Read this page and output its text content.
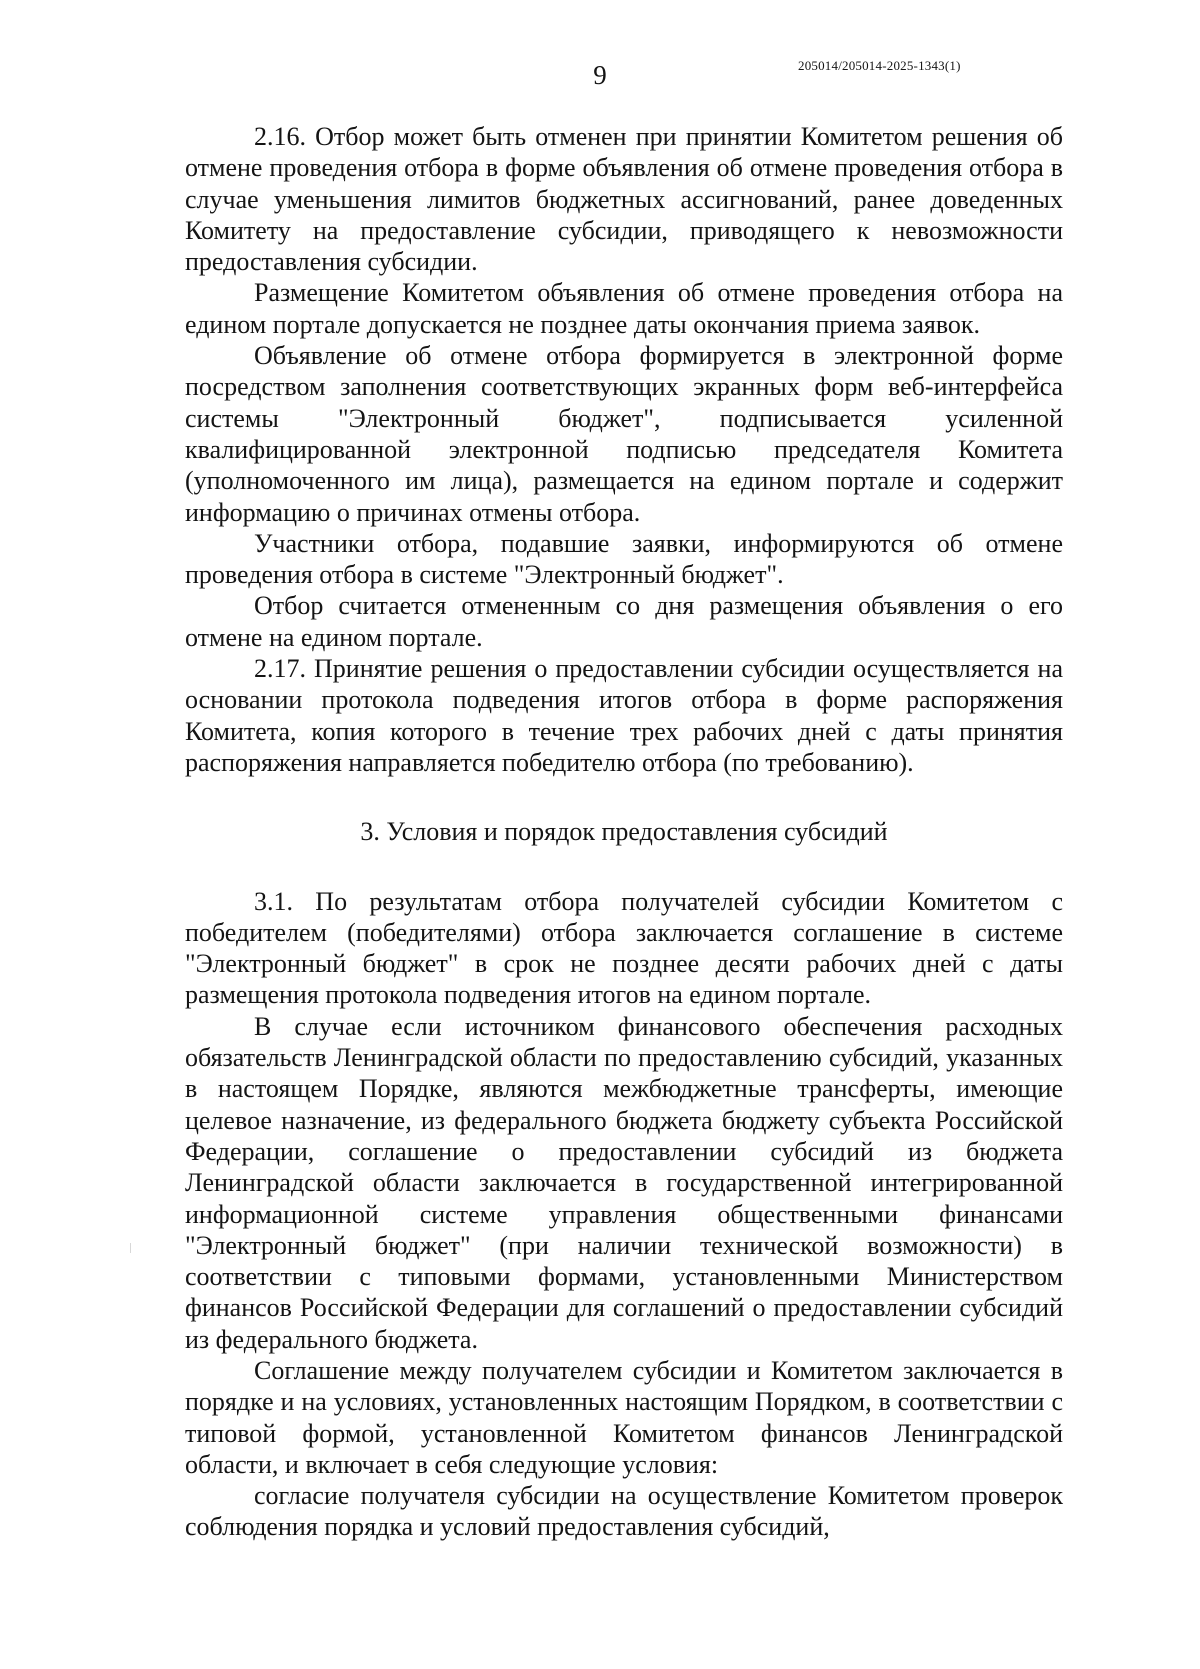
9	205014/205014-2025-1343(1)

2.16. Отбор может быть отменен при принятии Комитетом решения об отмене проведения отбора в форме объявления об отмене проведения отбора в случае уменьшения лимитов бюджетных ассигнований, ранее доведенных Комитету на предоставление субсидии, приводящего к невозможности предоставления субсидии.

Размещение Комитетом объявления об отмене проведения отбора на едином портале допускается не позднее даты окончания приема заявок.

Объявление об отмене отбора формируется в электронной форме посредством заполнения соответствующих экранных форм веб-интерфейса системы "Электронный бюджет", подписывается усиленной квалифицированной электронной подписью председателя Комитета (уполномоченного им лица), размещается на едином портале и содержит информацию о причинах отмены отбора.

Участники отбора, подавшие заявки, информируются об отмене проведения отбора в системе "Электронный бюджет".

Отбор считается отмененным со дня размещения объявления о его отмене на едином портале.

2.17. Принятие решения о предоставлении субсидии осуществляется на основании протокола подведения итогов отбора в форме распоряжения Комитета, копия которого в течение трех рабочих дней с даты принятия распоряжения направляется победителю отбора (по требованию).

3. Условия и порядок предоставления субсидий

3.1. По результатам отбора получателей субсидии Комитетом с победителем (победителями) отбора заключается соглашение в системе "Электронный бюджет" в срок не позднее десяти рабочих дней с даты размещения протокола подведения итогов на едином портале.

В случае если источником финансового обеспечения расходных обязательств Ленинградской области по предоставлению субсидий, указанных в настоящем Порядке, являются межбюджетные трансферты, имеющие целевое назначение, из федерального бюджета бюджету субъекта Российской Федерации, соглашение о предоставлении субсидий из бюджета Ленинградской области заключается в государственной интегрированной информационной системе управления общественными финансами "Электронный бюджет" (при наличии технической возможности) в соответствии с типовыми формами, установленными Министерством финансов Российской Федерации для соглашений о предоставлении субсидий из федерального бюджета.

Соглашение между получателем субсидии и Комитетом заключается в порядке и на условиях, установленных настоящим Порядком, в соответствии с типовой формой, установленной Комитетом финансов Ленинградской области, и включает в себя следующие условия:

согласие получателя субсидии на осуществление Комитетом проверок соблюдения порядка и условий предоставления субсидий,
